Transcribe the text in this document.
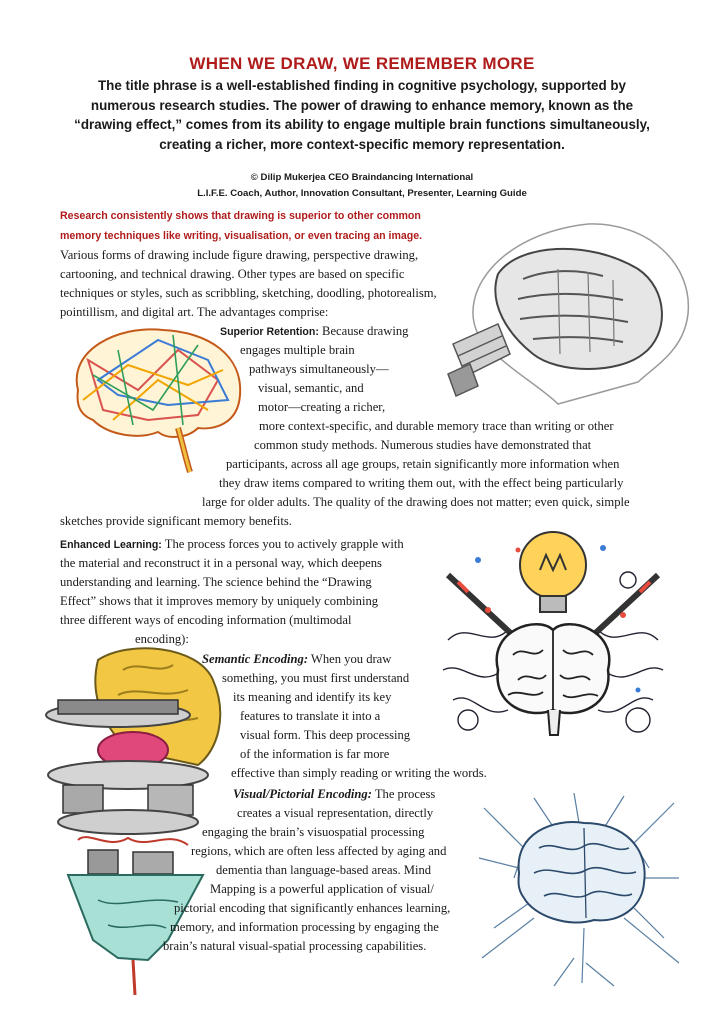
WHEN WE DRAW, WE REMEMBER MORE
The title phrase is a well-established finding in cognitive psychology, supported by numerous research studies. The power of drawing to enhance memory, known as the “drawing effect,” comes from its ability to engage multiple brain functions simultaneously, creating a richer, more context-specific memory representation.
© Dilip Mukerjea CEO Braindancing International
L.I.F.E. Coach, Author, Innovation Consultant, Presenter, Learning Guide
Research consistently shows that drawing is superior to other common memory techniques like writing, visualisation, or even tracing an image. Various forms of drawing include figure drawing, perspective drawing, cartooning, and technical drawing. Other types are based on specific techniques or styles, such as scribbling, sketching, doodling, photorealism, pointillism, and digital art. The advantages comprise:
Superior Retention: Because drawing
engages multiple brain
pathways simultaneously—
visual, semantic, and
motor—creating a richer,
more context-specific, and durable memory trace than writing or other
common study methods. Numerous studies have demonstrated that
participants, across all age groups, retain significantly more information when
they draw items compared to writing them out, with the effect being particularly
large for older adults. The quality of the drawing does not matter; even quick, simple
sketches provide significant memory benefits.
Enhanced Learning: The process forces you to actively grapple with
the material and reconstruct it in a personal way, which deepens
understanding and learning. The science behind the “Drawing
Effect” shows that it improves memory by uniquely combining
three different ways of encoding information (multimodal
encoding):
Semantic Encoding: When you draw
something, you must first understand
its meaning and identify its key
features to translate it into a
visual form. This deep processing
of the information is far more
effective than simply reading or writing the words.
Visual/Pictorial Encoding: The process
creates a visual representation, directly
engaging the brain’s visuospatial processing
regions, which are often less affected by aging and
dementia than language-based areas. Mind
Mapping is a powerful application of visual/
pictorial encoding that significantly enhances learning,
memory, and information processing by engaging the
brain’s natural visual-spatial processing capabilities.
